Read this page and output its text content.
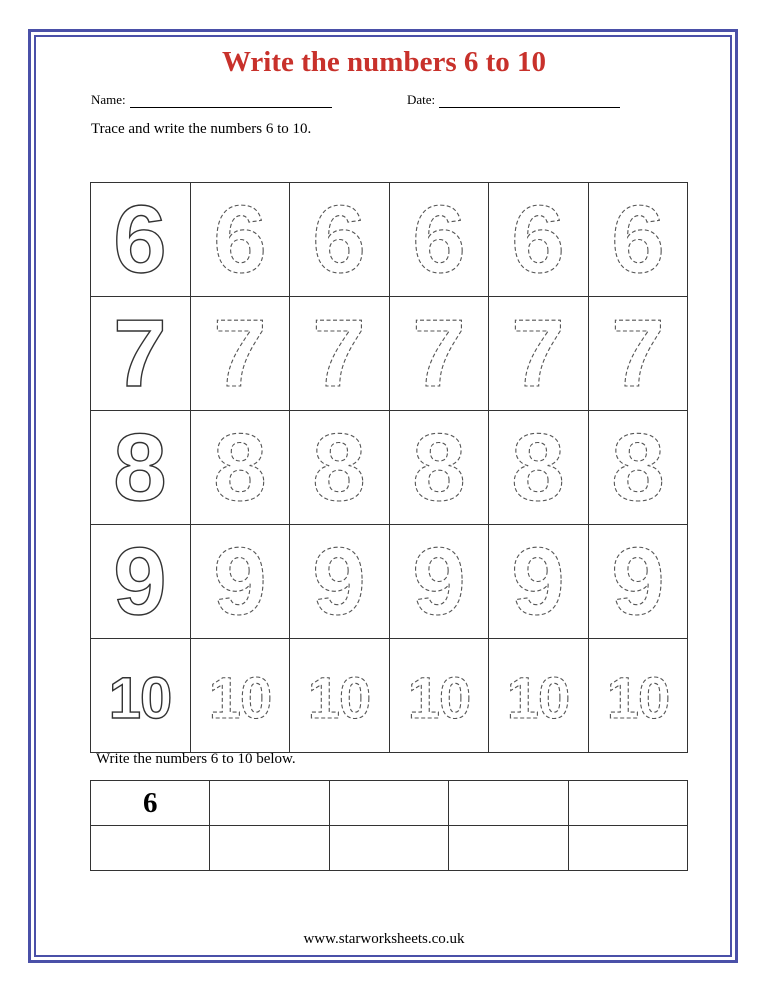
Write the numbers 6 to 10
Name:	Date:
Trace and write the numbers 6 to 10.
6	6	6	6	6	6

7	7	7	7	7	7

8	8	8	8	8	8

9	9	9	9	9	9

10	10	10	10	10	10
Write the numbers 6 to 10 below.
6				

www.starworksheets.co.uk
